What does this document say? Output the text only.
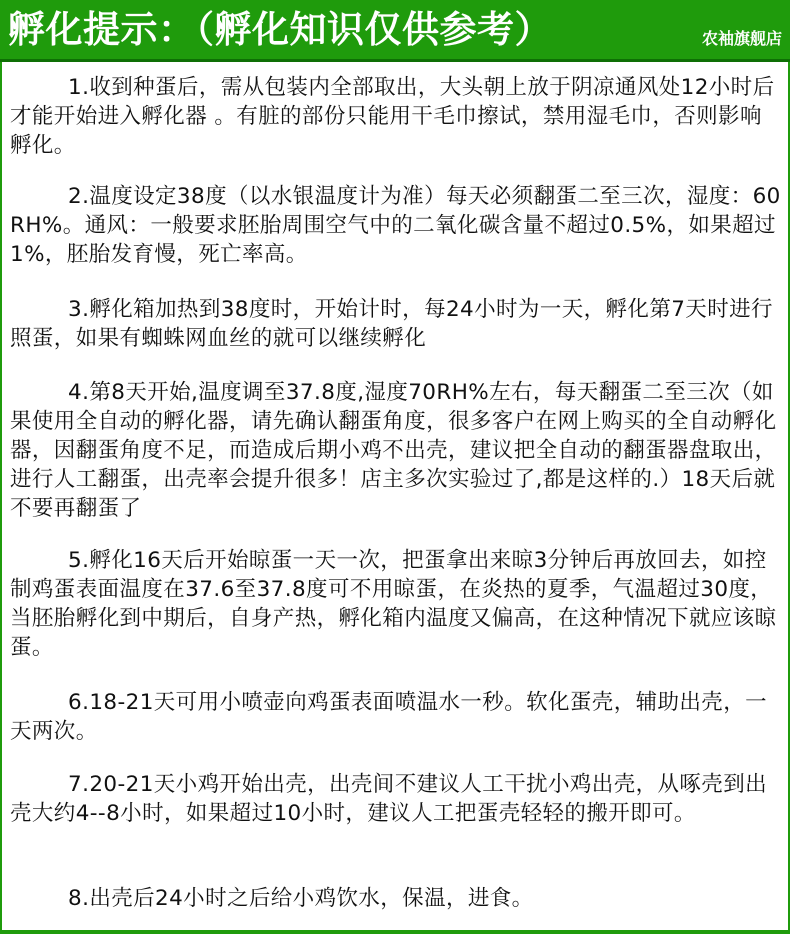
孵化提示：（孵化知识仅供参考）	农袖旗舰店

1.收到种蛋后，需从包装内全部取出，大头朝上放于阴凉通风处12小时后才能开始进入孵化器 。有脏的部份只能用干毛巾擦试，禁用湿毛巾，否则影响孵化。

2.温度设定38度（以水银温度计为准）每天必须翻蛋二至三次，湿度：60RH%。通风：一般要求胚胎周围空气中的二氧化碳含量不超过0.5%，如果超过1%，胚胎发育慢，死亡率高。

3.孵化箱加热到38度时，开始计时，每24小时为一天，孵化第7天时进行照蛋，如果有蜘蛛网血丝的就可以继续孵化

4.第8天开始,温度调至37.8度,湿度70RH%左右，每天翻蛋二至三次（如果使用全自动的孵化器，请先确认翻蛋角度，很多客户在网上购买的全自动孵化器，因翻蛋角度不足，而造成后期小鸡不出壳，建议把全自动的翻蛋器盘取出，进行人工翻蛋，出壳率会提升很多！店主多次实验过了,都是这样的.）18天后就不要再翻蛋了

5.孵化16天后开始晾蛋一天一次，把蛋拿出来晾3分钟后再放回去，如控制鸡蛋表面温度在37.6至37.8度可不用晾蛋，在炎热的夏季，气温超过30度，当胚胎孵化到中期后，自身产热，孵化箱内温度又偏高，在这种情况下就应该晾蛋。

6.18-21天可用小喷壶向鸡蛋表面喷温水一秒。软化蛋壳，辅助出壳，一天两次。

7.20-21天小鸡开始出壳，出壳间不建议人工干扰小鸡出壳，从啄壳到出壳大约4--8小时，如果超过10小时，建议人工把蛋壳轻轻的搬开即可。

8.出壳后24小时之后给小鸡饮水，保温，进食。
